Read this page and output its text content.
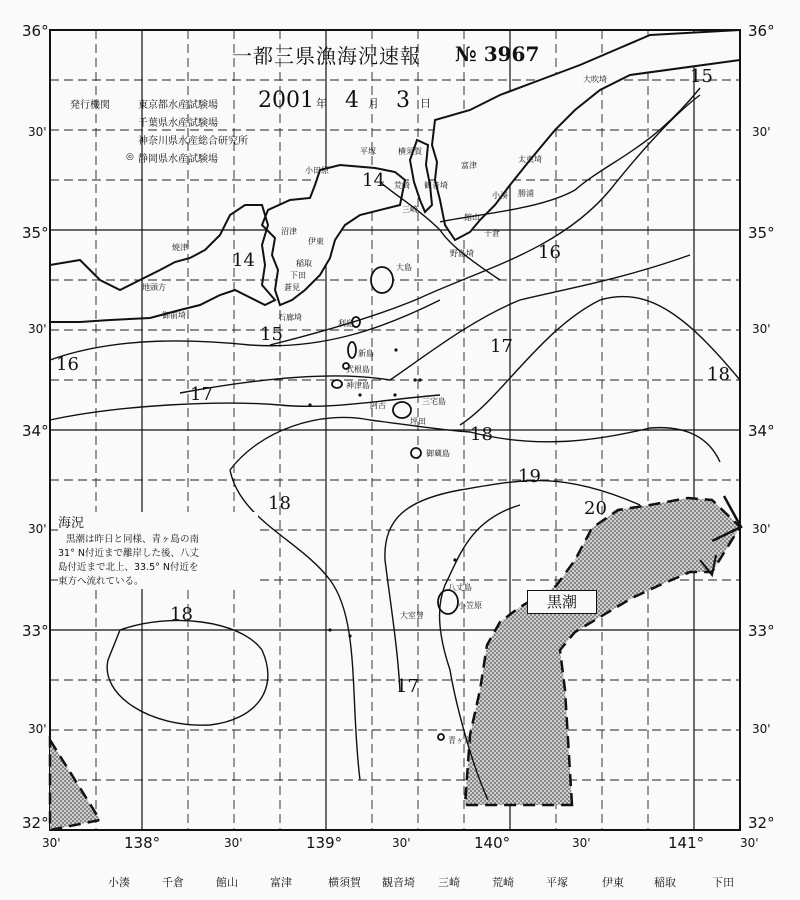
36°
30'
35°
30'
34°
30'
33°
30'
32°
36°
30'
35°
30'
34°
30'
33°
30'
32°
30'	138°	30'	139°	30'	140°	30'	141°	30'
一都三県漁海況速報 № 3967
2001 年 4 月 3 日
発行機関	東京都水産試験場
千葉県水産試験場
神奈川県水産総合研究所
◎ 静岡県水産試験場
15
14
14	16
15
16
17
17
18
18
18
19
20
18
17
大吹埼
平塚	横須賀
富津
小田原
荒崎 観音埼
三崎
館山
太東埼
小湊 勝浦
千倉
野島埼
大島
沼津
伊東
稲取
下田
蒼見
石廊埼
焼津
御前埼
地頭方
利島
新島
式根島
神津島
三宅島
御蔵島
八丈島
大室曾
青ヶ島
阿古
坪田
小笠原	黒潮
海況
黒潮は昨日と同様、青ヶ島の南
31° N付近まで離岸した後、八丈
島付近まで北上、33.5° N付近を
東方へ流れている。
小湊	千倉	館山	富津	横須賀 観音埼 三崎	荒崎	平塚	伊東	稲取	下田
